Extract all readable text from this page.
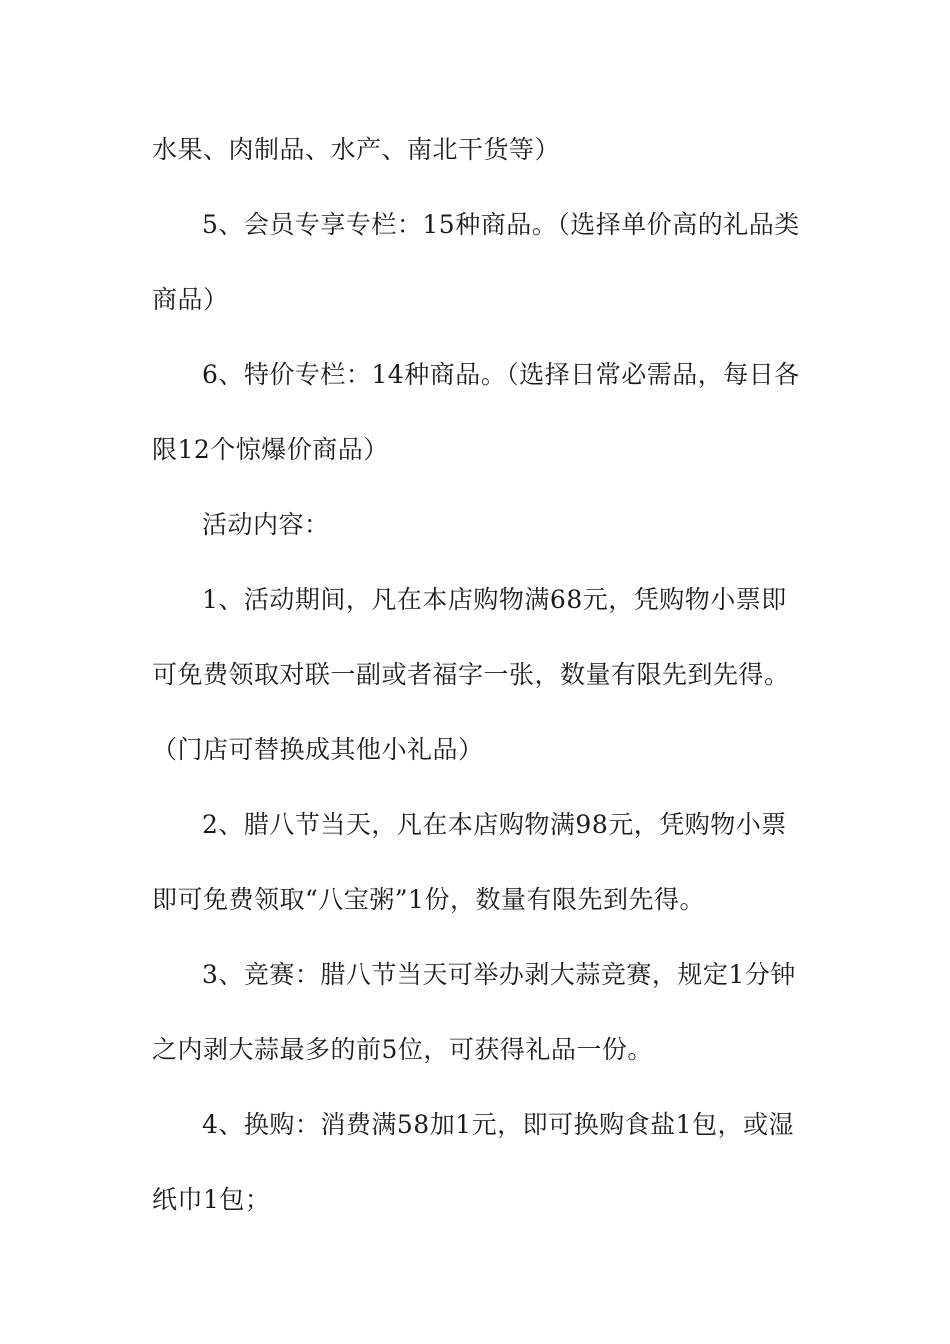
水果、肉制品、水产、南北干货等）
5、会员专享专栏：15种商品。（选择单价高的礼品类
商品）
6、特价专栏：14种商品。（选择日常必需品，每日各
限12个惊爆价商品）
活动内容：
1、活动期间，凡在本店购物满68元，凭购物小票即
可免费领取对联一副或者福字一张，数量有限先到先得。
（门店可替换成其他小礼品）
2、腊八节当天，凡在本店购物满98元，凭购物小票
即可免费领取“八宝粥”1份，数量有限先到先得。
3、竞赛：腊八节当天可举办剥大蒜竞赛，规定1分钟
之内剥大蒜最多的前5位，可获得礼品一份。
4、换购：消费满58加1元，即可换购食盐1包，或湿
纸巾1包；
